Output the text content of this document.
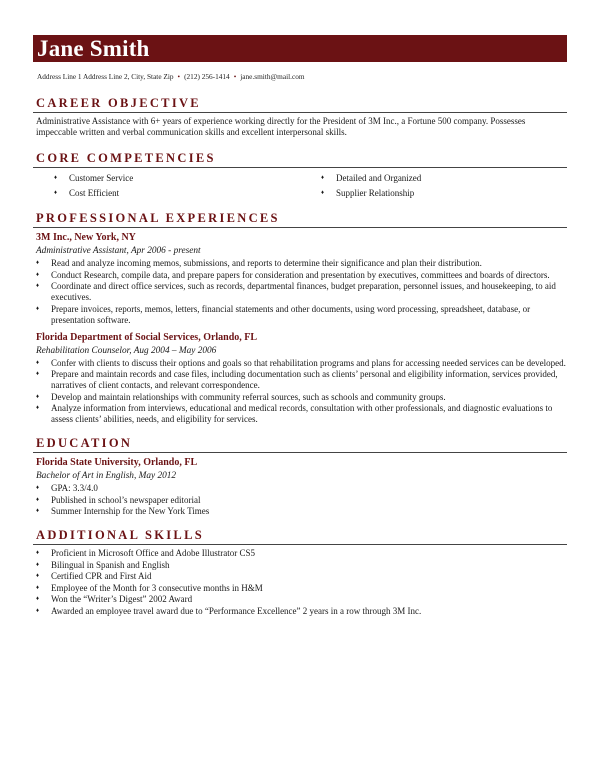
Jane Smith
Address Line 1 Address Line 2, City, State Zip • (212) 256-1414 • jane.smith@mail.com
CAREER OBJECTIVE
Administrative Assistance with 6+ years of experience working directly for the President of 3M Inc., a Fortune 500 company. Possesses impeccable written and verbal communication skills and excellent interpersonal skills.
CORE COMPETENCIES
♦ Customer Service	♦ Detailed and Organized
♦ Cost Efficient	♦ Supplier Relationship
PROFESSIONAL EXPERIENCES
3M Inc., New York, NY
Administrative Assistant, Apr 2006 - present
♦ Read and analyze incoming memos, submissions, and reports to determine their significance and plan their distribution.
♦ Conduct Research, compile data, and prepare papers for consideration and presentation by executives, committees and boards of directors.
♦ Coordinate and direct office services, such as records, departmental finances, budget preparation, personnel issues, and housekeeping, to aid executives.
♦ Prepare invoices, reports, memos, letters, financial statements and other documents, using word processing, spreadsheet, database, or presentation software.
Florida Department of Social Services, Orlando, FL
Rehabilitation Counselor, Aug 2004 – May 2006
♦ Confer with clients to discuss their options and goals so that rehabilitation programs and plans for accessing needed services can be developed.
♦ Prepare and maintain records and case files, including documentation such as clients’ personal and eligibility information, services provided, narratives of client contacts, and relevant correspondence.
♦ Develop and maintain relationships with community referral sources, such as schools and community groups.
♦ Analyze information from interviews, educational and medical records, consultation with other professionals, and diagnostic evaluations to assess clients’ abilities, needs, and eligibility for services.
EDUCATION
Florida State University, Orlando, FL
Bachelor of Art in English, May 2012
♦ GPA: 3.3/4.0
♦ Published in school’s newspaper editorial
♦ Summer Internship for the New York Times
ADDITIONAL SKILLS
♦ Proficient in Microsoft Office and Adobe Illustrator CS5
♦ Bilingual in Spanish and English
♦ Certified CPR and First Aid
♦ Employee of the Month for 3 consecutive months in H&M
♦ Won the “Writer’s Digest” 2002 Award
♦ Awarded an employee travel award due to “Performance Excellence” 2 years in a row through 3M Inc.
